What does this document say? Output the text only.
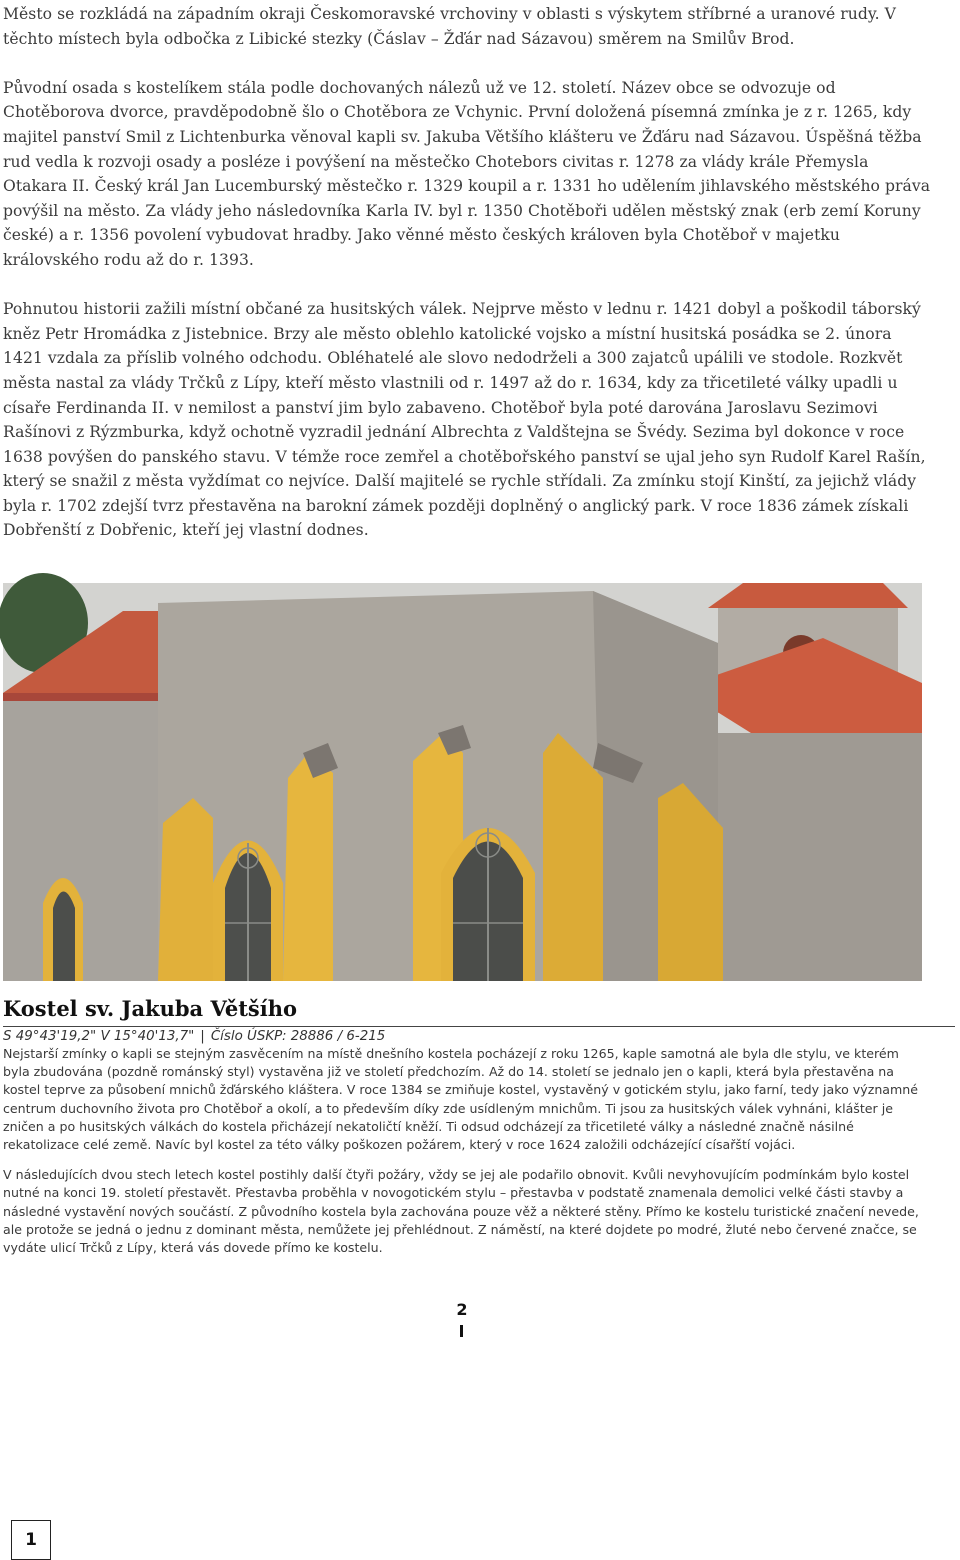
Město se rozkládá na západním okraji Českomoravské vrchoviny v oblasti s výskytem stříbrné a uranové rudy. V těchto místech byla odbočka z Libické stezky (Čáslav – Žďár nad Sázavou) směrem na Smilův Brod.

Původní osada s kostelíkem stála podle dochovaných nálezů už ve 12. století. Název obce se odvozuje od Chotěborova dvorce, pravděpodobně šlo o Chotěbora ze Vchynic. První doložená písemná zmínka je z r. 1265, kdy majitel panství Smil z Lichtenburka věnoval kapli sv. Jakuba Většího klášteru ve Žďáru nad Sázavou. Úspěšná těžba rud vedla k rozvoji osady a posléze i povýšení na městečko Chotebors civitas r. 1278 za vlády krále Přemysla Otakara II. Český král Jan Lucemburský městečko r. 1329 koupil a r. 1331 ho udělením jihlavského městského práva povýšil na město. Za vlády jeho následovníka Karla IV. byl r. 1350 Chotěboři udělen městský znak (erb zemí Koruny české) a r. 1356 povolení vybudovat hradby. Jako věnné město českých královen byla Chotěboř v majetku královského rodu až do r. 1393.

Pohnutou historii zažili místní občané za husitských válek. Nejprve město v lednu r. 1421 dobyl a poškodil táborský kněz Petr Hromádka z Jistebnice. Brzy ale město oblehlo katolické vojsko a místní husitská posádka se 2. února 1421 vzdala za příslib volného odchodu. Obléhatelé ale slovo nedodrželi a 300 zajatců upálili ve stodole. Rozkvět města nastal za vlády Trčků z Lípy, kteří město vlastnili od r. 1497 až do r. 1634, kdy za třicetileté války upadli u císaře Ferdinanda II. v nemilost a panství jim bylo zabaveno. Chotěboř byla poté darována Jaroslavu Sezimovi Rašínovi z Rýzmburka, když ochotně vyzradil jednání Albrechta z Valdštejna se Švédy. Sezima byl dokonce v roce 1638 povýšen do panského stavu. V témže roce zemřel a chotěbořského panství se ujal jeho syn Rudolf Karel Rašín, který se snažil z města vyždímat co nejvíce. Další majitelé se rychle střídali. Za zmínku stojí Kinští, za jejichž vlády byla r. 1702 zdejší tvrz přestavěna na barokní zámek později doplněný o anglický park. V roce 1836 zámek získali Dobřenští z Dobřenic, kteří jej vlastní dodnes.

1
Kostel sv. Jakuba Většího
S 49°43'19,2" V 15°40'13,7" | Číslo ÚSKP: 28886 / 6-215

Nejstarší zmínky o kapli se stejným zasvěcením na místě dnešního kostela pocházejí z roku 1265, kaple samotná ale byla dle stylu, ve kterém byla zbudována (pozdně románský styl) vystavěna již ve století předchozím. Až do 14. století se jednalo jen o kapli, která byla přestavěna na kostel teprve za působení mnichů žďárského kláštera. V roce 1384 se zmiňuje kostel, vystavěný v gotickém stylu, jako farní, tedy jako významné centrum duchovního života pro Chotěboř a okolí, a to především díky zde usídleným mnichům. Ti jsou za husitských válek vyhnáni, klášter je zničen a po husitských válkách do kostela přicházejí nekatoličtí kněží. Ti odsud odcházejí za třicetileté války a následné značně násilné rekatolizace celé země. Navíc byl kostel za této války poškozen požárem, který v roce 1624 založili odcházející císařští vojáci.

V následujících dvou stech letech kostel postihly další čtyři požáry, vždy se jej ale podařilo obnovit. Kvůli nevyhovujícím podmínkám bylo kostel nutné na konci 19. století přestavět. Přestavba proběhla v novogotickém stylu – přestavba v podstatě znamenala demolici velké části stavby a následné vystavění nových součástí. Z původního kostela byla zachována pouze věž a některé stěny. Přímo ke kostelu turistické značení nevede, ale protože se jedná o jednu z dominant města, nemůžete jej přehlédnout. Z náměstí, na které dojdete po modré, žluté nebo červené značce, se vydáte ulicí Trčků z Lípy, která vás dovede přímo ke kostelu.

2
